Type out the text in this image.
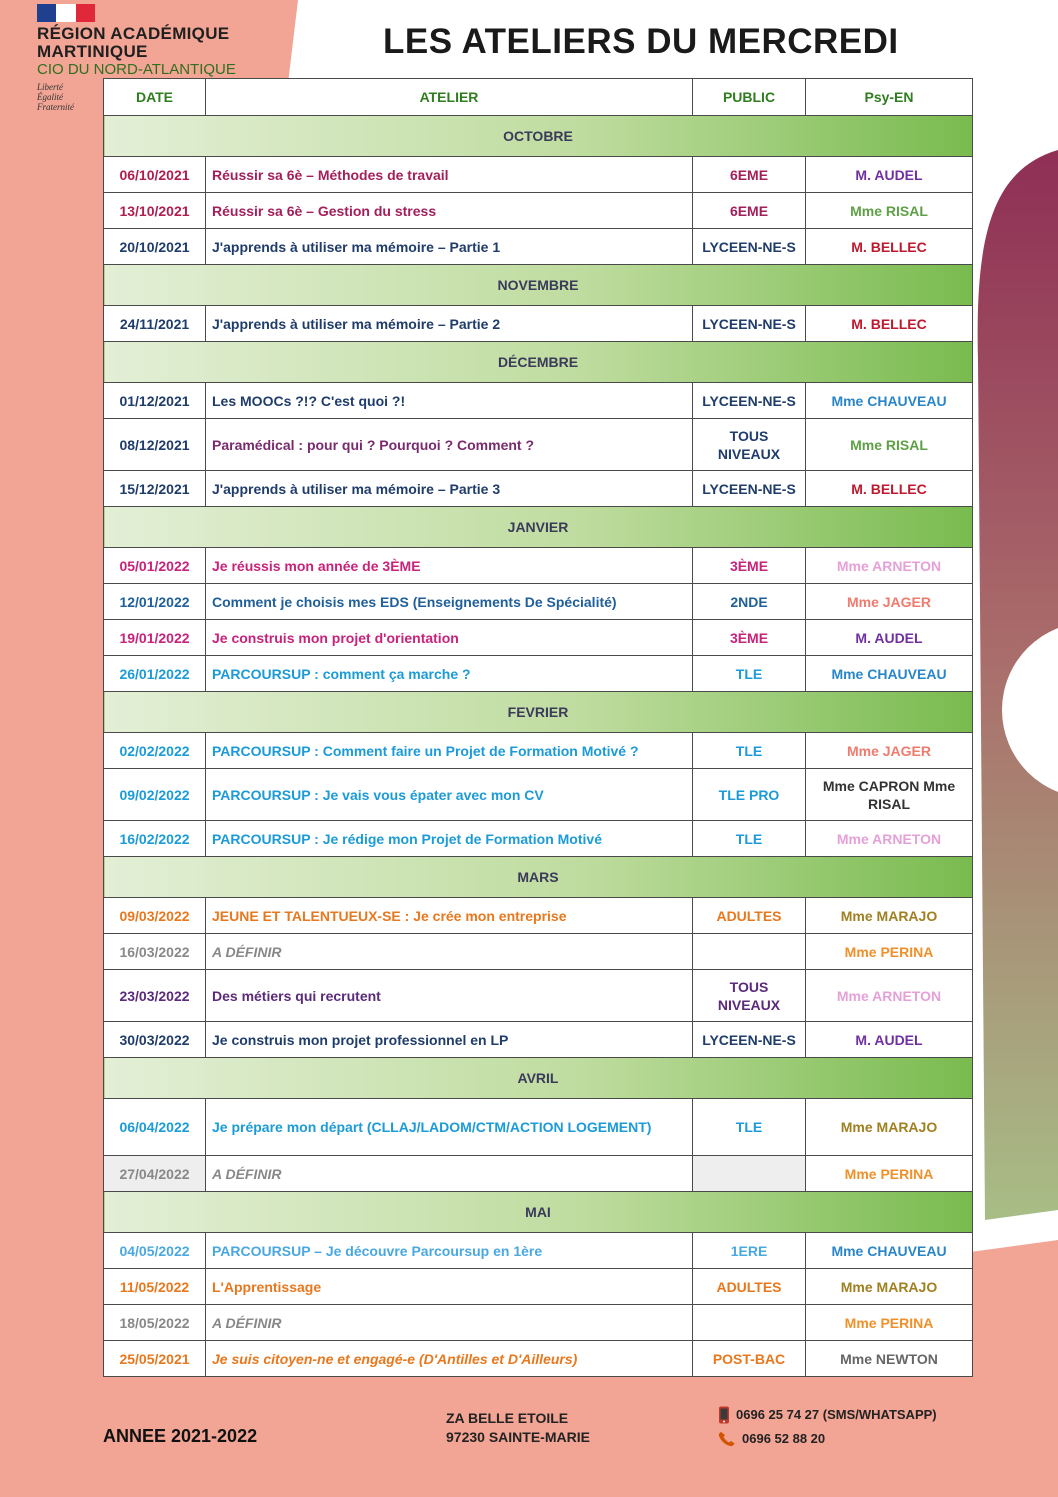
RÉGION ACADÉMIQUE
MARTINIQUE
CIO DU NORD-ATLANTIQUE
Liberté
Égalité
Fraternité
LES ATELIERS DU MERCREDI
DATE	ATELIER	PUBLIC	Psy-EN
OCTOBRE			
06/10/2021	Réussir sa 6è – Méthodes de travail	6EME	M. AUDEL
13/10/2021	Réussir sa 6è – Gestion du stress	6EME	Mme RISAL
20/10/2021	J'apprends à utiliser ma mémoire – Partie 1	LYCEEN-NE-S	M. BELLEC
NOVEMBRE			
24/11/2021	J'apprends à utiliser ma mémoire – Partie 2	LYCEEN-NE-S	M. BELLEC
DÉCEMBRE			
01/12/2021	Les MOOCs ?!? C'est quoi ?!	LYCEEN-NE-S	Mme CHAUVEAU
08/12/2021	Paramédical : pour qui ? Pourquoi ? Comment ?	TOUS NIVEAUX	Mme RISAL
15/12/2021	J'apprends à utiliser ma mémoire – Partie 3	LYCEEN-NE-S	M. BELLEC
JANVIER			
05/01/2022	Je réussis mon année de 3ÈME	3ÈME	Mme ARNETON
12/01/2022	Comment je choisis mes EDS (Enseignements De Spécialité)	2NDE	Mme JAGER
19/01/2022	Je construis mon projet d'orientation	3ÈME	M. AUDEL
26/01/2022	PARCOURSUP : comment ça marche ?	TLE	Mme CHAUVEAU
FEVRIER			
02/02/2022	PARCOURSUP : Comment faire un Projet de Formation Motivé ?	TLE	Mme JAGER
09/02/2022	PARCOURSUP : Je vais vous épater avec mon CV	TLE PRO	Mme CAPRON Mme RISAL
16/02/2022	PARCOURSUP : Je rédige mon Projet de Formation Motivé	TLE	Mme ARNETON
MARS			
09/03/2022	JEUNE ET TALENTUEUX-SE : Je crée mon entreprise	ADULTES	Mme MARAJO
16/03/2022	A DÉFINIR		Mme PERINA
23/03/2022	Des métiers qui recrutent	TOUS NIVEAUX	Mme ARNETON
30/03/2022	Je construis mon projet professionnel en LP	LYCEEN-NE-S	M. AUDEL
AVRIL			
06/04/2022	Je prépare mon départ (CLLAJ/LADOM/CTM/ACTION LOGEMENT)	TLE	Mme MARAJO
27/04/2022	A DÉFINIR		Mme PERINA
MAI			
04/05/2022	PARCOURSUP – Je découvre Parcoursup en 1ère	1ERE	Mme CHAUVEAU
11/05/2022	L'Apprentissage	ADULTES	Mme MARAJO
18/05/2022	A DÉFINIR		Mme PERINA
25/05/2021	Je suis citoyen-ne et engagé-e (D'Antilles et D'Ailleurs)	POST-BAC	Mme NEWTON
ANNEE 2021-2022
ZA BELLE ETOILE
97230 SAINTE-MARIE
0696 25 74 27 (SMS/WHATSAPP)
0696 52 88 20
